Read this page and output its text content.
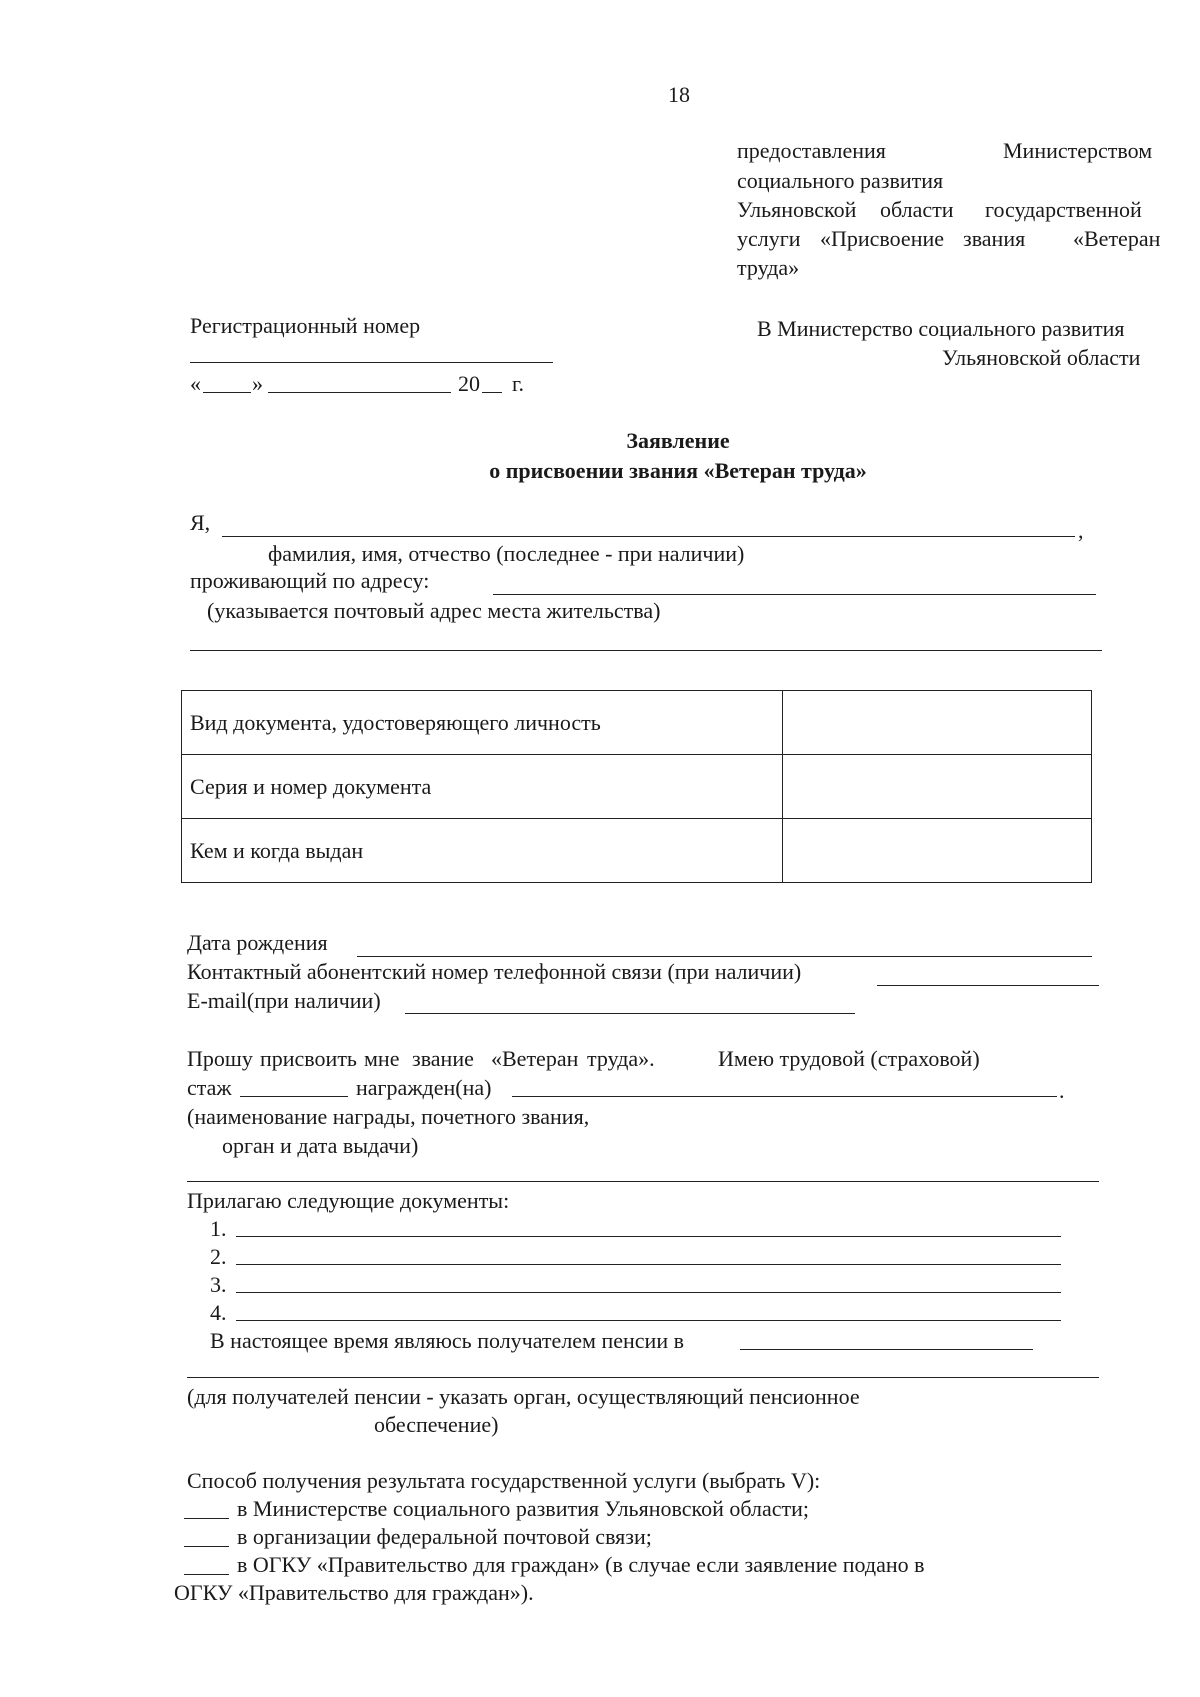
18
предоставления	Министерством
социального развития
Ульяновской области государственной
услуги «Присвоение звания «Ветеран
труда»
Регистрационный номер
« »	20 г.
В Министерство социального развития
Ульяновской области
Заявление
о присвоении звания «Ветеран труда»
Я,	,
фамилия, имя, отчество (последнее - при наличии)
проживающий по адресу:
(указывается почтовый адрес места жительства)
Вид документа, удостоверяющего личность	
Серия и номер документа	
Кем и когда выдан	
Дата рождения
Контактный абонентский номер телефонной связи (при наличии)
E-mail(при наличии)
Прошу присвоить мне звание «Ветеран труда».	Имею трудовой (страховой)
стаж	награжден(на)	.
(наименование награды, почетного звания,
орган и дата выдачи)
Прилагаю следующие документы:
1.
2.
3.
4.
В настоящее время являюсь получателем пенсии в
(для получателей пенсии - указать орган, осуществляющий пенсионное
обеспечение)
Способ получения результата государственной услуги (выбрать V):
в Министерстве социального развития Ульяновской области;
в организации федеральной почтовой связи;
в ОГКУ «Правительство для граждан» (в случае если заявление подано в
ОГКУ «Правительство для граждан»).
